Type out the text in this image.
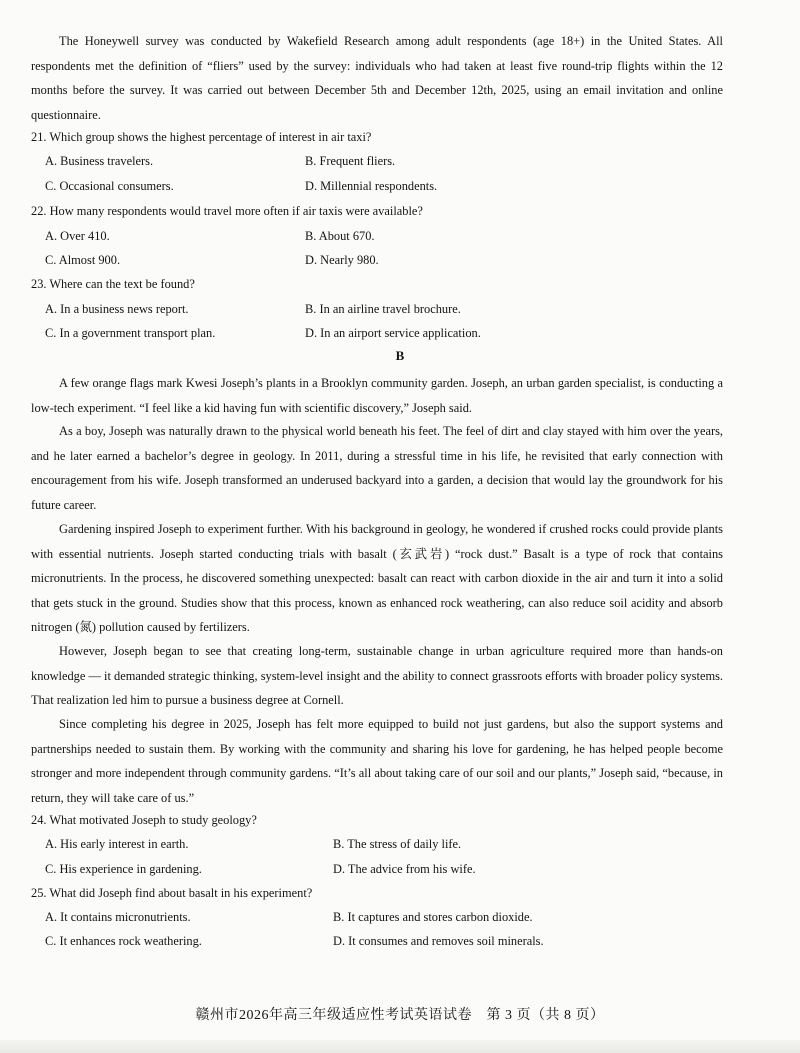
The Honeywell survey was conducted by Wakefield Research among adult respondents (age 18+) in the United States. All respondents met the definition of “fliers” used by the survey: individuals who had taken at least five round-trip flights within the 12 months before the survey. It was carried out between December 5th and December 12th, 2025, using an email invitation and online questionnaire.
21. Which group shows the highest percentage of interest in air taxi?
A. Business travelers.	B. Frequent fliers.
C. Occasional consumers.	D. Millennial respondents.
22. How many respondents would travel more often if air taxis were available?
A. Over 410.	B. About 670.
C. Almost 900.	D. Nearly 980.
23. Where can the text be found?
A. In a business news report.	B. In an airline travel brochure.
C. In a government transport plan.	D. In an airport service application.
B
A few orange flags mark Kwesi Joseph’s plants in a Brooklyn community garden. Joseph, an urban garden specialist, is conducting a low-tech experiment. “I feel like a kid having fun with scientific discovery,” Joseph said.
As a boy, Joseph was naturally drawn to the physical world beneath his feet. The feel of dirt and clay stayed with him over the years, and he later earned a bachelor’s degree in geology. In 2011, during a stressful time in his life, he revisited that early connection with encouragement from his wife. Joseph transformed an underused backyard into a garden, a decision that would lay the groundwork for his future career.
Gardening inspired Joseph to experiment further. With his background in geology, he wondered if crushed rocks could provide plants with essential nutrients. Joseph started conducting trials with basalt (玄武岩) “rock dust.” Basalt is a type of rock that contains micronutrients. In the process, he discovered something unexpected: basalt can react with carbon dioxide in the air and turn it into a solid that gets stuck in the ground. Studies show that this process, known as enhanced rock weathering, can also reduce soil acidity and absorb nitrogen (氮) pollution caused by fertilizers.
However, Joseph began to see that creating long-term, sustainable change in urban agriculture required more than hands-on knowledge — it demanded strategic thinking, system-level insight and the ability to connect grassroots efforts with broader policy systems. That realization led him to pursue a business degree at Cornell.
Since completing his degree in 2025, Joseph has felt more equipped to build not just gardens, but also the support systems and partnerships needed to sustain them. By working with the community and sharing his love for gardening, he has helped people become stronger and more independent through community gardens. “It’s all about taking care of our soil and our plants,” Joseph said, “because, in return, they will take care of us.”
24. What motivated Joseph to study geology?
A. His early interest in earth.	B. The stress of daily life.
C. His experience in gardening.	D. The advice from his wife.
25. What did Joseph find about basalt in his experiment?
A. It contains micronutrients.	B. It captures and stores carbon dioxide.
C. It enhances rock weathering.	D. It consumes and removes soil minerals.
赣州市2026年高三年级适应性考试英语试卷　第 3 页（共 8 页）
